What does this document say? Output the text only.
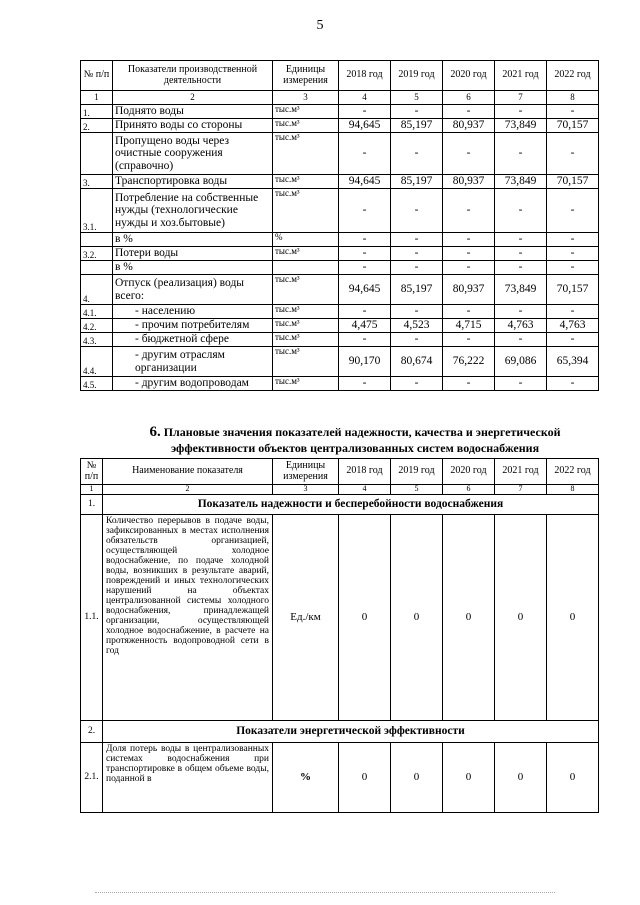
5
№ п/п	Показатели производственной деятельности	Единицы измерения	2018 год	2019 год	2020 год	2021 год	2022 год
1	2	3	4	5	6	7	8
1.	Поднято воды	тыс.м³	-	-	-	-	-
2.	Принято воды со стороны	тыс.м³	94,645	85,197	80,937	73,849	70,157
	Пропущено воды через очистные сооружения (справочно)	тыс.м³	-	-	-	-	-
3.	Транспортировка воды	тыс.м³	94,645	85,197	80,937	73,849	70,157
3.1.	Потребление на собственные нужды (технологические нужды и хоз.бытовые)	тыс.м³	-	-	-	-	-
	в %	%	-	-	-	-	-
3.2.	Потери воды	тыс.м³	-	-	-	-	-
	в %		-	-	-	-	-
4.	Отпуск (реализация) воды всего:	тыс.м³	94,645	85,197	80,937	73,849	70,157
4.1.	- населению	тыс.м³	-	-	-	-	-
4.2.	- прочим потребителям	тыс.м³	4,475	4,523	4,715	4,763	4,763
4.3.	- бюджетной сфере	тыс.м³	-	-	-	-	-
4.4.	- другим отраслям организации	тыс.м³	90,170	80,674	76,222	69,086	65,394
4.5.	- другим водопроводам	тыс.м³	-	-	-	-	-
6. Плановые значения показателей надежности, качества и энергетической
эффективности объектов централизованных систем водоснабжения
№ п/п	Наименование показателя	Единицы измерения	2018 год	2019 год	2020 год	2021 год	2022 год
1	2	3	4	5	6	7	8
1.	Показатель надежности и бесперебойности водоснабжения						
1.1.	Количество перерывов в подаче воды, зафиксированных в местах исполнения обязательств организацией, осуществляющей холодное водоснабжение, по подаче холодной воды, возникших в результате аварий, повреждений и иных технологических нарушений на объектах централизованной системы холодного водоснабжения, принадлежащей организации, осуществляющей холодное водоснабжение, в расчете на протяженность водопроводной сети в год	Ед./км	0	0	0	0	0
2.	Показатели энергетической эффективности						
2.1.	Доля потерь воды в централизованных системах водоснабжения при транспортировке в общем объеме воды, поданной в	%	0	0	0	0	0
